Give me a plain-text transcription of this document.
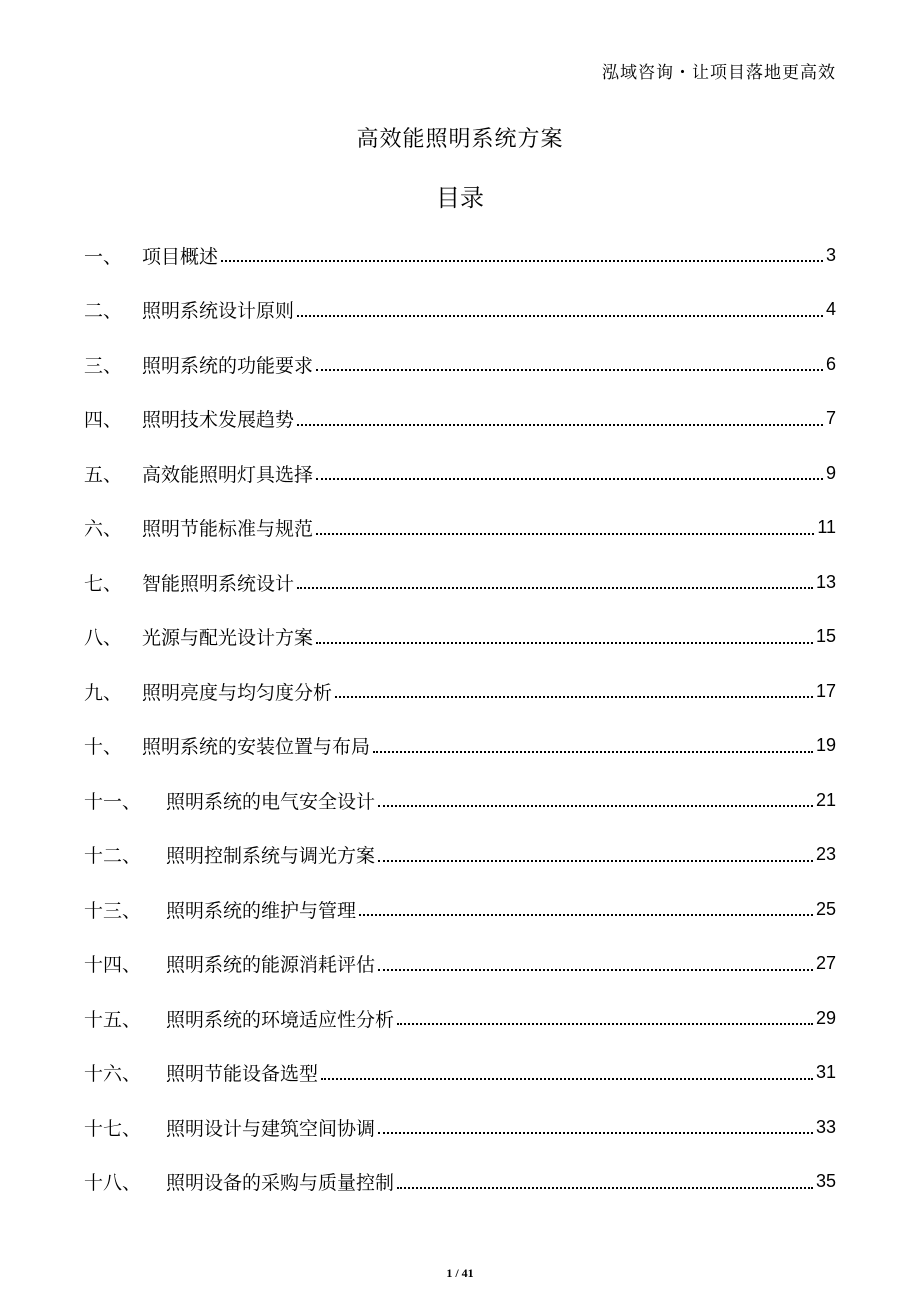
泓域咨询・让项目落地更高效
高效能照明系统方案
目录
一、	项目概述	3
二、	照明系统设计原则	4
三、	照明系统的功能要求	6
四、	照明技术发展趋势	7
五、	高效能照明灯具选择	9
六、	照明节能标准与规范	11
七、	智能照明系统设计	13
八、	光源与配光设计方案	15
九、	照明亮度与均匀度分析	17
十、	照明系统的安装位置与布局	19
十一、	照明系统的电气安全设计	21
十二、	照明控制系统与调光方案	23
十三、	照明系统的维护与管理	25
十四、	照明系统的能源消耗评估	27
十五、	照明系统的环境适应性分析	29
十六、	照明节能设备选型	31
十七、	照明设计与建筑空间协调	33
十八、	照明设备的采购与质量控制	35
1 / 41
